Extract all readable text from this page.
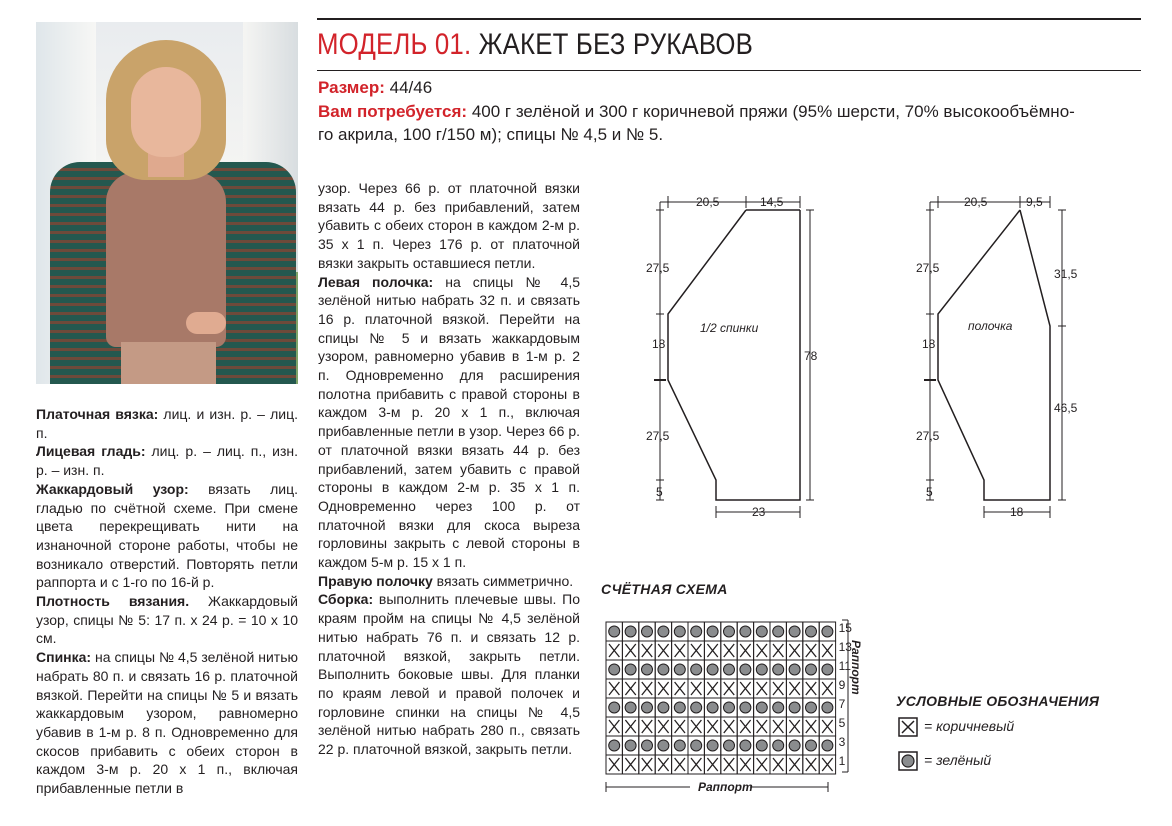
МОДЕЛЬ 01. ЖАКЕТ БЕЗ РУКАВОВ
Размер: 44/46
Вам потребуется: 400 г зелёной и 300 г коричневой пряжи (95% шерсти, 70% высокообъёмно-
го акрила, 100 г/150 м); спицы № 4,5 и № 5.

Платочная вязка: лиц. и изн. р. – лиц. п.

Лицевая гладь: лиц. р. – лиц. п., изн. р. – изн. п.

Жаккардовый узор: вязать лиц. гладью по счётной схеме. При смене цвета перекрещивать нити на изнаночной стороне работы, чтобы не возникало отверстий. Повторять петли раппорта и с 1-го по 16-й р.

Плотность вязания. Жаккардовый узор, спицы № 5: 17 п. х 24 р. = 10 х 10 см.

Спинка: на спицы № 4,5 зелёной нитью набрать 80 п. и связать 16 р. платочной вязкой. Перейти на спицы № 5 и вязать жаккардовым узором, равномерно убавив в 1-м р. 8 п. Одновременно для скосов прибавить с обеих сторон в каждом 3-м р. 20 х 1 п., включая прибавленные петли в

узор. Через 66 р. от платочной вязки вязать 44 р. без прибавлений, затем убавить с обеих сторон в каждом 2-м р. 35 х 1 п. Через 176 р. от платочной вязки закрыть оставшиеся петли.

Левая полочка: на спицы № 4,5 зелёной нитью набрать 32 п. и связать 16 р. платочной вязкой. Перейти на спицы № 5 и вязать жаккардовым узором, равномерно убавив в 1-м р. 2 п. Одновременно для расширения полотна прибавить с правой стороны в каждом 3-м р. 20 х 1 п., включая прибавленные петли в узор. Через 66 р. от платочной вязки вязать 44 р. без прибавлений, затем убавить с правой стороны в каждом 2-м р. 35 х 1 п. Одновременно через 100 р. от платочной вязки для скоса выреза горловины закрыть с левой стороны в каждом 5-м р. 15 х 1 п.

Правую полочку вязать симметрично.

Сборка: выполнить плечевые швы. По краям пройм на спицы № 4,5 зелёной нитью набрать 76 п. и связать 12 р. платочной вязкой, закрыть петли. Выполнить боковые швы. Для планки по краям левой и правой полочек и горловине спинки на спицы № 4,5 зелёной нитью набрать 280 п., связать 22 р. платочной вязкой, закрыть петли.

20,5	14,5
27,5
18
27,5
5
78
23
1/2 спинки
20,5	9,5
27,5
18
27,5
5
31,5
46,5
18
полочка
СЧЁТНАЯ СХЕМА
15
13
11
9
7
5
3
1
Раппорт
Раппорт
УСЛОВНЫЕ ОБОЗНАЧЕНИЯ
= коричневый
= зелёный
